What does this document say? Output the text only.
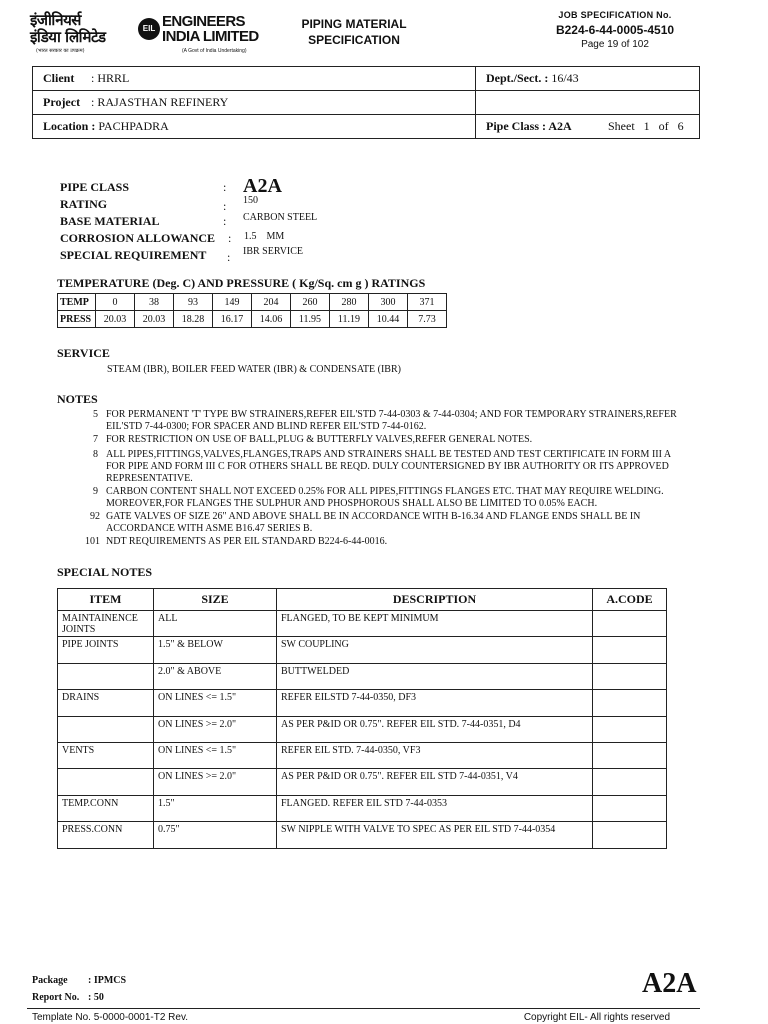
इंजीनियर्स
इंडिया लिमिटेड	EIL ENGINEERS
INDIA LIMITED
(भारत सरकार का उपक्रम)	(A Govt of India Undertaking)
PIPING MATERIAL
SPECIFICATION
JOB SPECIFICATION No.
B224-6-44-0005-4510
Page 19 of 102
Client : HRRL	Dept./Sect. : 16/43
Project : RAJASTHAN REFINERY	
Location : PACHPADRA	Pipe Class : A2A Sheet   1   of   6
PIPE CLASS	: A2A
RATING	: 150
BASE MATERIAL	: CARBON STEEL
CORROSION ALLOWANCE : 1.5    MM
SPECIAL REQUIREMENT : IBR SERVICE
TEMPERATURE (Deg. C) AND PRESSURE ( Kg/Sq. cm g ) RATINGS
TEMP	0	38	93	149	204	260	280	300	371
PRESS	20.03	20.03	18.28	16.17	14.06	11.95	11.19	10.44	7.73
SERVICE
STEAM (IBR), BOILER FEED WATER (IBR) & CONDENSATE (IBR)
NOTES
5 FOR PERMANENT 'T' TYPE BW STRAINERS,REFER EIL'STD 7-44-0303 & 7-44-0304; AND FOR TEMPORARY STRAINERS,REFER EIL'STD 7-44-0300; FOR SPACER AND BLIND REFER EIL'STD 7-44-0162.
7 FOR RESTRICTION ON USE OF BALL,PLUG & BUTTERFLY VALVES,REFER GENERAL NOTES.
8 ALL PIPES,FITTINGS,VALVES,FLANGES,TRAPS AND STRAINERS SHALL BE TESTED AND TEST CERTIFICATE IN FORM III A FOR PIPE AND FORM III C FOR OTHERS SHALL BE REQD. DULY COUNTERSIGNED BY IBR AUTHORITY OR ITS APPROVED REPRESENTATIVE.
9 CARBON CONTENT SHALL NOT EXCEED 0.25% FOR ALL PIPES,FITTINGS FLANGES ETC. THAT MAY REQUIRE WELDING. MOREOVER,FOR FLANGES THE SULPHUR AND PHOSPHOROUS SHALL ALSO BE LIMITED TO 0.05% EACH.
92 GATE VALVES OF SIZE 26" AND ABOVE SHALL BE IN ACCORDANCE WITH B-16.34 AND FLANGE ENDS SHALL BE IN ACCORDANCE WITH ASME B16.47 SERIES B.
101 NDT REQUIREMENTS AS PER EIL STANDARD B224-6-44-0016.
SPECIAL NOTES
ITEM	SIZE	DESCRIPTION	A.CODE
MAINTAINENCE JOINTS	ALL	FLANGED, TO BE KEPT MINIMUM	
PIPE JOINTS	1.5" & BELOW	SW COUPLING	
	2.0" & ABOVE	BUTTWELDED	
DRAINS	ON LINES <= 1.5"	REFER EILSTD 7-44-0350, DF3	
	ON LINES >= 2.0"	AS PER P&ID OR 0.75". REFER EIL STD. 7-44-0351, D4	
VENTS	ON LINES <= 1.5"	REFER EIL STD. 7-44-0350, VF3	
	ON LINES >= 2.0"	AS PER P&ID OR 0.75". REFER EIL STD 7-44-0351, V4	
TEMP.CONN	1.5"	FLANGED. REFER EIL STD 7-44-0353	
PRESS.CONN	0.75"	SW NIPPLE WITH VALVE TO SPEC AS PER EIL STD 7-44-0354	
Package : IPMCS
Report No. : 50	A2A
Template No. 5-0000-0001-T2 Rev.	Copyright EIL- All rights reserved
